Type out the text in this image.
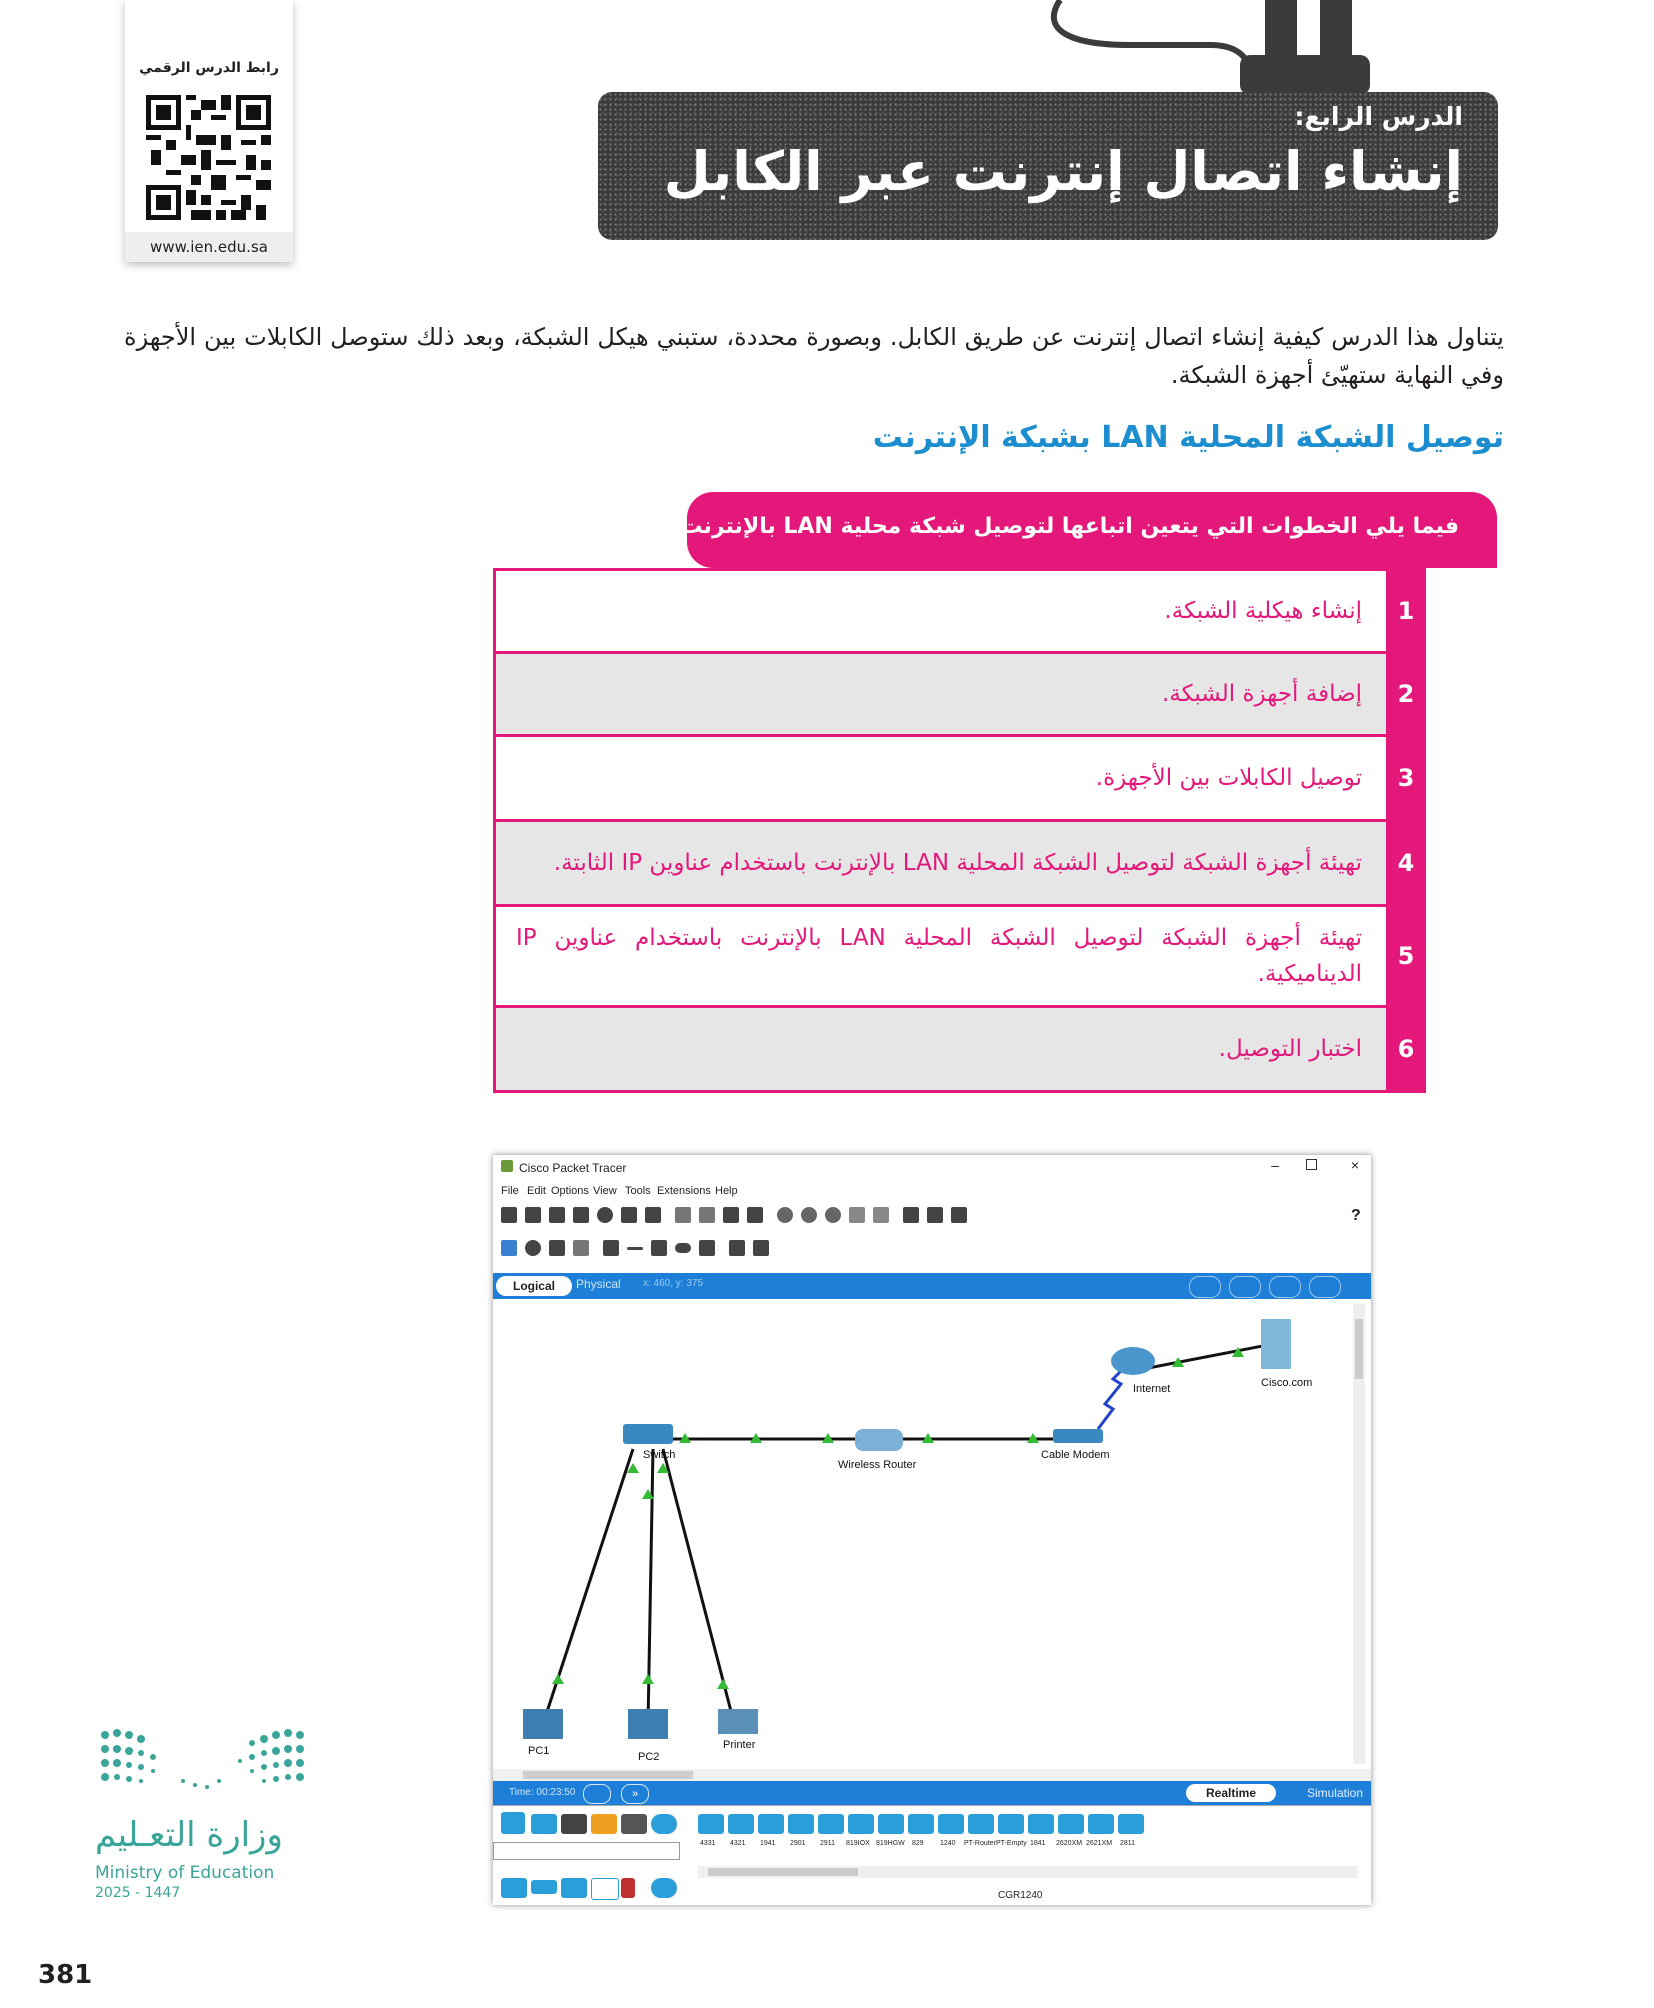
رابط الدرس الرقمي
www.ien.edu.sa
الدرس الرابع:
إنشاء اتصال إنترنت عبر الكابل

يتناول هذا الدرس كيفية إنشاء اتصال إنترنت عن طريق الكابل. وبصورة محددة، ستبني هيكل الشبكة، وبعد ذلك ستوصل الكابلات بين الأجهزة وفي النهاية ستهيّئ أجهزة الشبكة.

توصيل الشبكة المحلية LAN بشبكة الإنترنت
فيما يلي الخطوات التي يتعين اتباعها لتوصيل شبكة محلية LAN بالإنترنت:
1
إنشاء هيكلية الشبكة.
2
إضافة أجهزة الشبكة.
3
توصيل الكابلات بين الأجهزة.
4
تهيئة أجهزة الشبكة لتوصيل الشبكة المحلية LAN بالإنترنت باستخدام عناوين IP الثابتة.
5
تهيئة أجهزة الشبكة لتوصيل الشبكة المحلية LAN بالإنترنت باستخدام عناوين IP الديناميكية.
6
اختبار التوصيل.
Cisco Packet Tracer	–	×
File Edit Options View Tools Extensions Help
?
Logical	Physical x: 460, y: 375
Internet	Cisco.com
Switch
Wireless Router
Cable Modem
PC1	PC2
Printer
Time: 00:23:50	»	Realtime	Simulation
4331 4321 1941 2901 2911 819IOX 819HGW 829 1240 PT-Router PT-Empty 1841 2620XM 2621XM 2811
CGR1240
وزارة التعـليم
Ministry of Education
2025 - 1447
381
